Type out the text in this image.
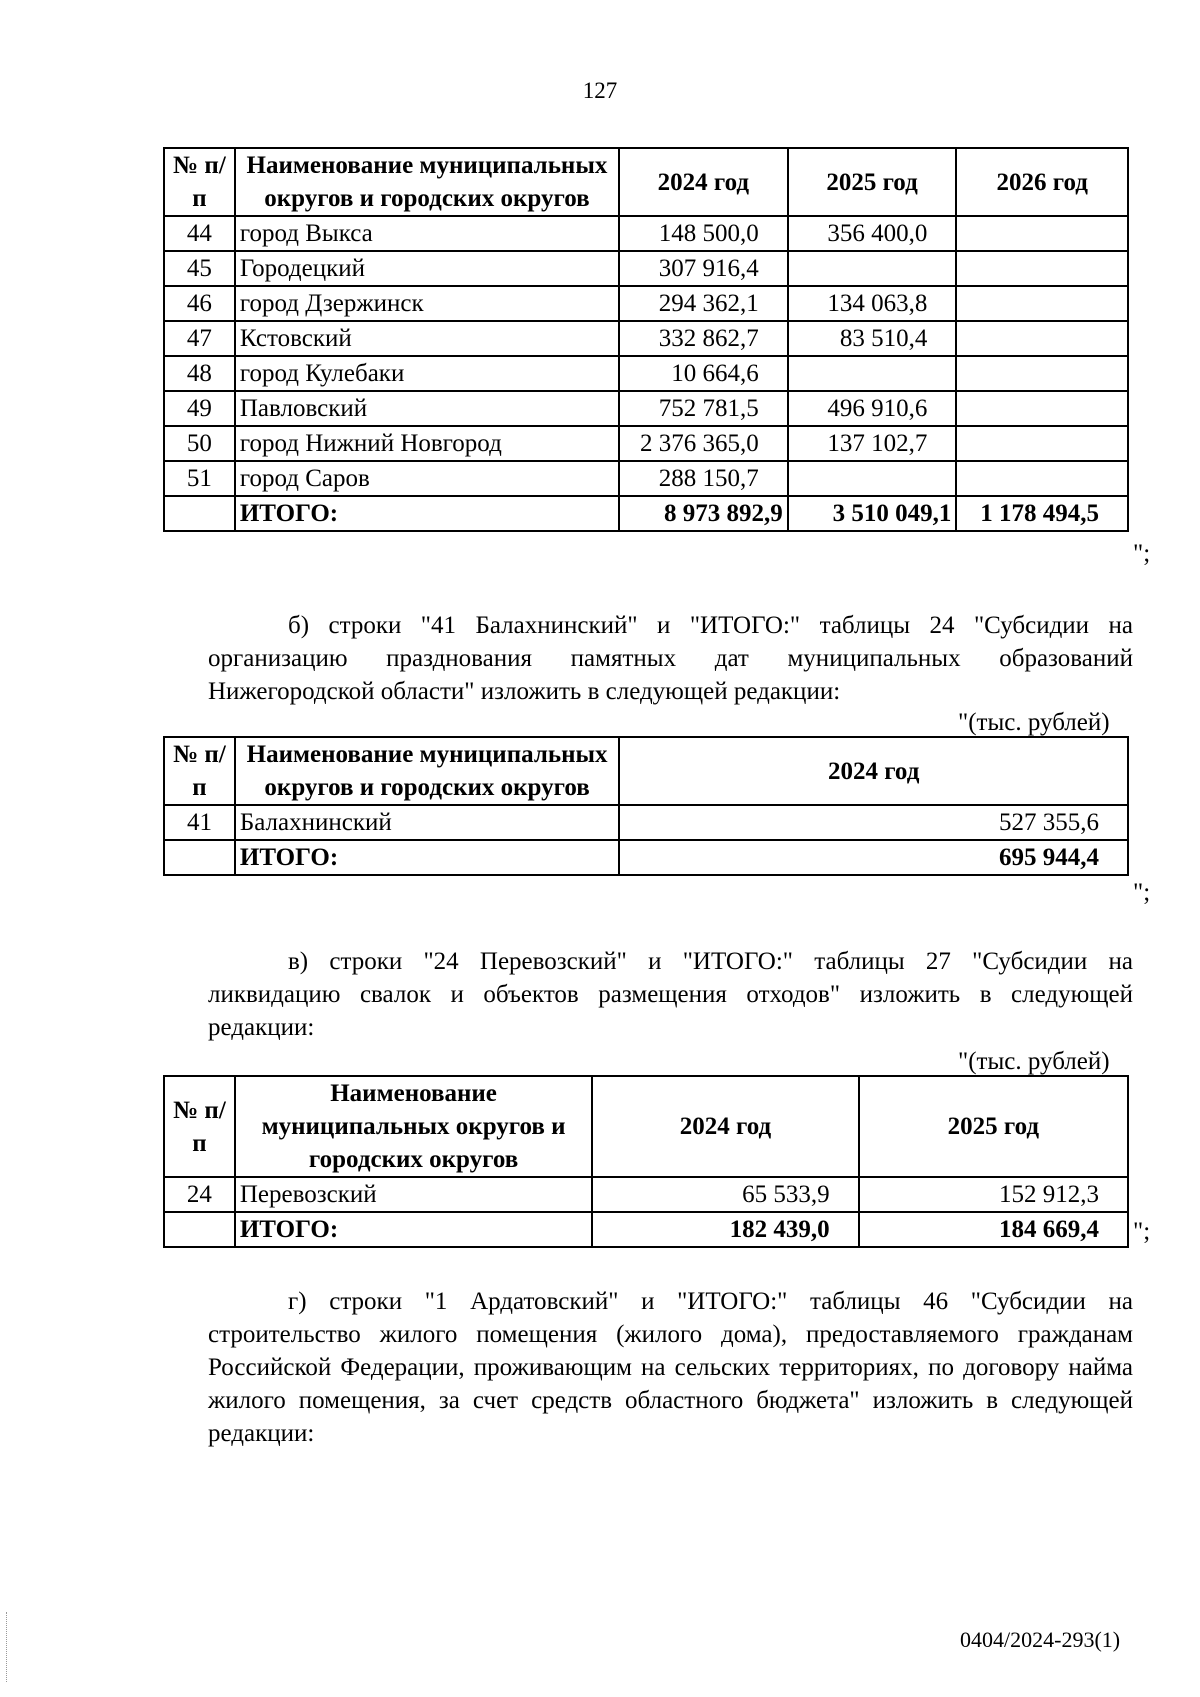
127
№ п/п	Наименование муниципальных округов и городских округов	2024 год	2025 год	2026 год
44	город Выкса	148 500,0	356 400,0	
45	Городецкий	307 916,4		
46	город Дзержинск	294 362,1	134 063,8	
47	Кстовский	332 862,7	83 510,4	
48	город Кулебаки	10 664,6		
49	Павловский	752 781,5	496 910,6	
50	город Нижний Новгород	2 376 365,0	137 102,7	
51	город Саров	288 150,7		
	ИТОГО:	8 973 892,9	3 510 049,1	1 178 494,5
";
б) строки "41 Балахнинский" и "ИТОГО:" таблицы 24 "Субсидии на организацию празднования памятных дат муниципальных образований Нижегородской области" изложить в следующей редакции:
"(тыс. рублей)
№ п/п	Наименование муниципальных округов и городских округов	2024 год
41	Балахнинский	527 355,6
	ИТОГО:	695 944,4
";
в) строки "24 Перевозский" и "ИТОГО:" таблицы 27 "Субсидии на ликвидацию свалок и объектов размещения отходов" изложить в следующей редакции:
"(тыс. рублей)
№ п/п	Наименование муниципальных округов и городских округов	2024 год	2025 год
24	Перевозский	65 533,9	152 912,3
	ИТОГО:	182 439,0	184 669,4 ";
г) строки "1 Ардатовский" и "ИТОГО:" таблицы 46 "Субсидии на строительство жилого помещения (жилого дома), предоставляемого гражданам Российской Федерации, проживающим на сельских территориях, по договору найма жилого помещения, за счет средств областного бюджета" изложить в следующей редакции:
0404/2024-293(1)
